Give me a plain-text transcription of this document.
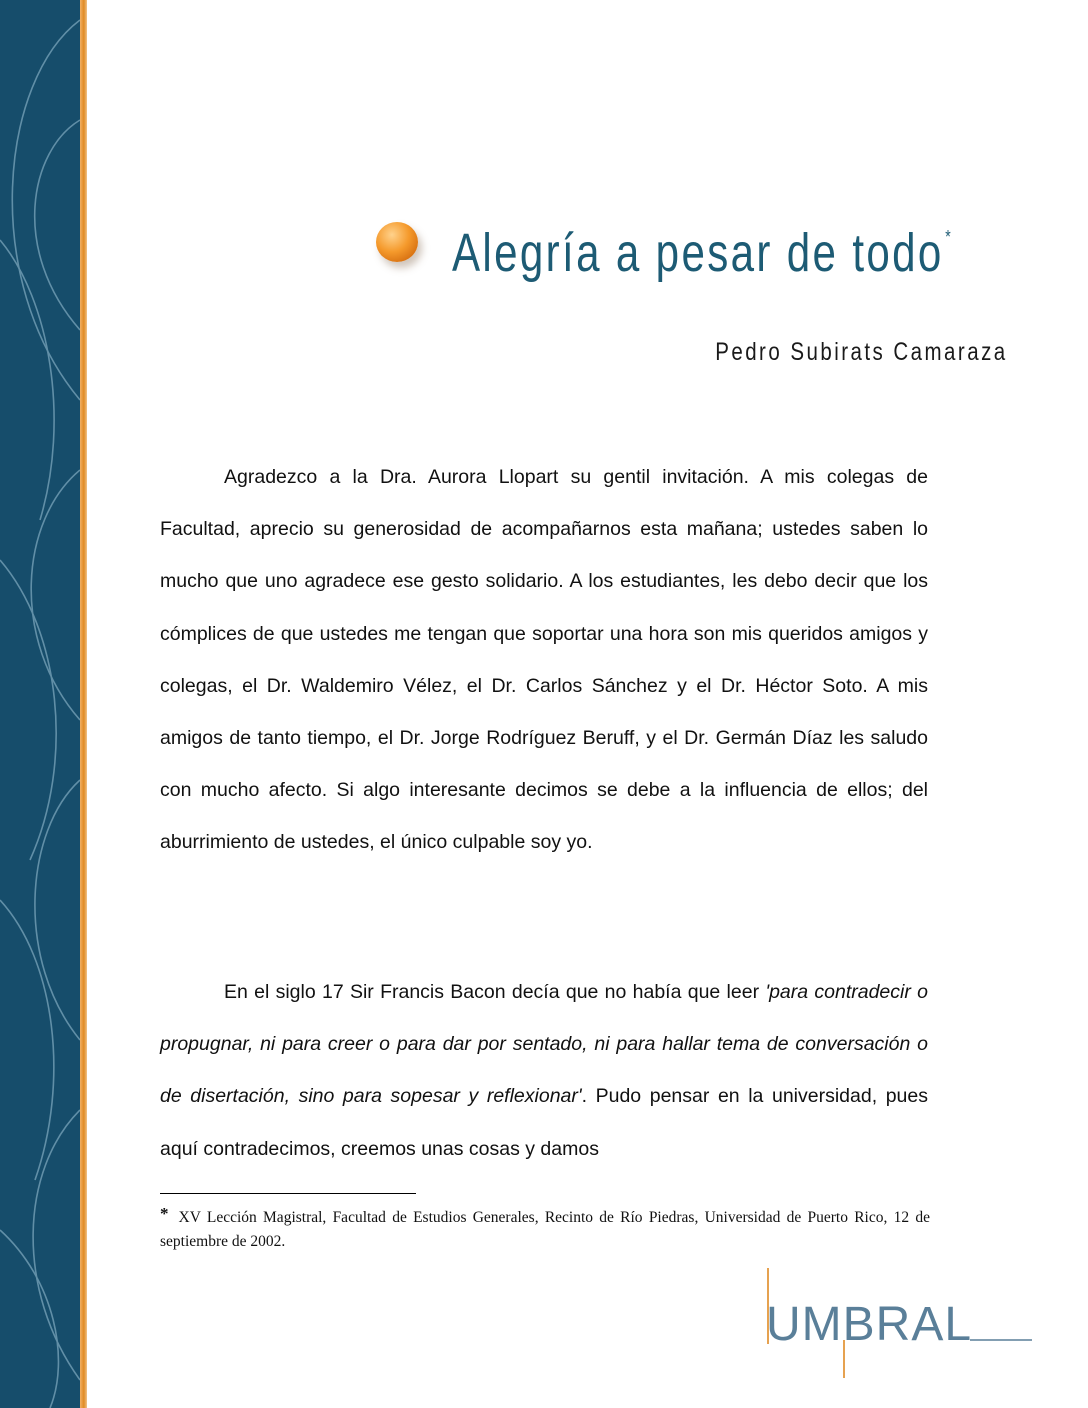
Alegría a pesar de todo*
Pedro Subirats Camaraza

Agradezco a la Dra. Aurora Llopart su gentil invitación. A mis colegas de Facultad, aprecio su generosidad de acompañarnos esta mañana; ustedes saben lo mucho que uno agradece ese gesto solidario. A los estudiantes, les debo decir que los cómplices de que ustedes me tengan que soportar una hora son mis queridos amigos y colegas, el Dr. Waldemiro Vélez, el Dr. Carlos Sánchez y el Dr. Héctor Soto. A mis amigos de tanto tiempo, el Dr. Jorge Rodríguez Beruff, y el Dr. Germán Díaz les saludo con mucho afecto. Si algo interesante decimos se debe a la influencia de ellos; del aburrimiento de ustedes, el único culpable soy yo.

En el siglo 17 Sir Francis Bacon decía que no había que leer 'para contradecir o propugnar, ni para creer o para dar por sentado, ni para hallar tema de conversación o de disertación, sino para sopesar y reflexionar'. Pudo pensar en la universidad, pues aquí contradecimos, creemos unas cosas y damos

* XV Lección Magistral, Facultad de Estudios Generales, Recinto de Río Piedras, Universidad de Puerto Rico, 12 de septiembre de 2002.
UMBRAL
